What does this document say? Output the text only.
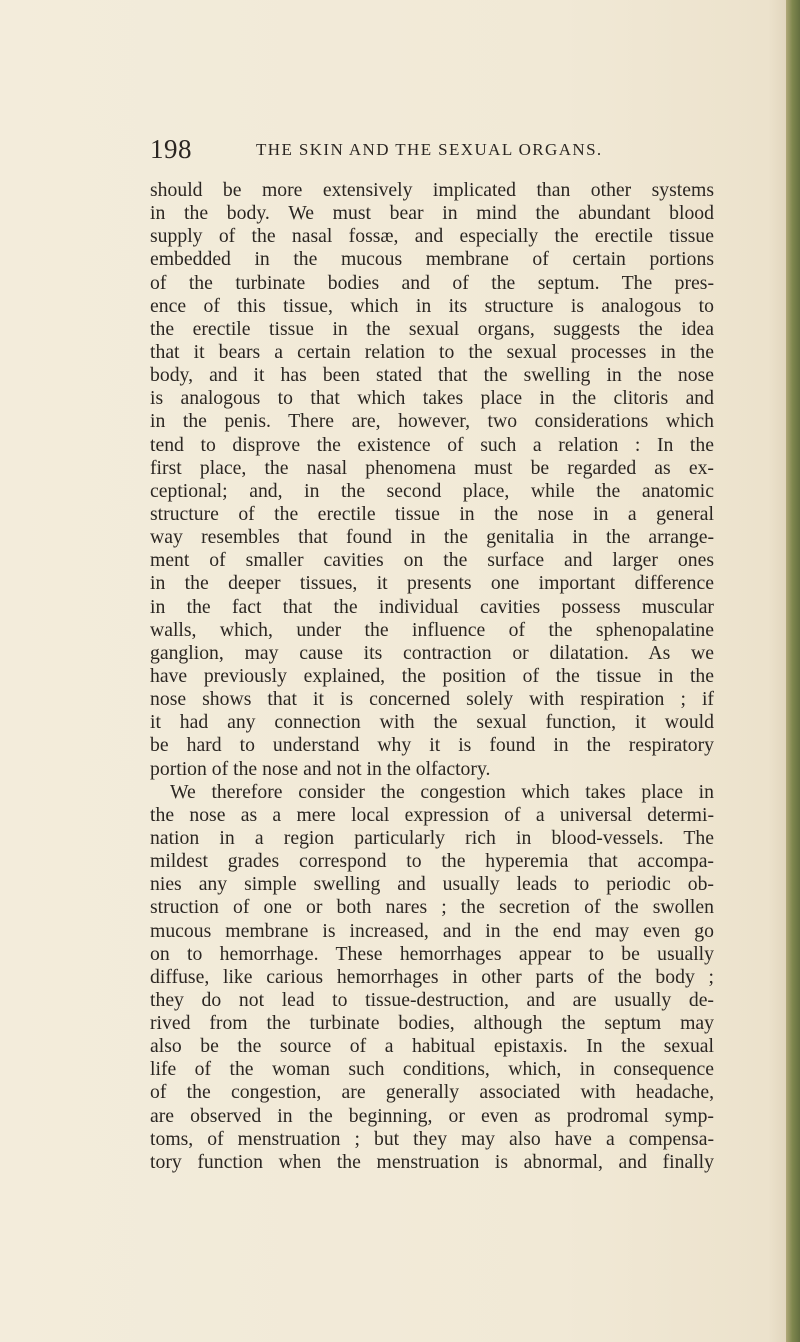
198	THE SKIN AND THE SEXUAL ORGANS.
should be more extensively implicated than other systems
in the body. We must bear in mind the abundant blood
supply of the nasal fossæ, and especially the erectile tissue
embedded in the mucous membrane of certain portions
of the turbinate bodies and of the septum. The pres-
ence of this tissue, which in its structure is analogous to
the erectile tissue in the sexual organs, suggests the idea
that it bears a certain relation to the sexual processes in the
body, and it has been stated that the swelling in the nose
is analogous to that which takes place in the clitoris and
in the penis. There are, however, two considerations which
tend to disprove the existence of such a relation : In the
first place, the nasal phenomena must be regarded as ex-
ceptional; and, in the second place, while the anatomic
structure of the erectile tissue in the nose in a general
way resembles that found in the genitalia in the arrange-
ment of smaller cavities on the surface and larger ones
in the deeper tissues, it presents one important difference
in the fact that the individual cavities possess muscular
walls, which, under the influence of the sphenopalatine
ganglion, may cause its contraction or dilatation. As we
have previously explained, the position of the tissue in the
nose shows that it is concerned solely with respiration ; if
it had any connection with the sexual function, it would
be hard to understand why it is found in the respiratory
portion of the nose and not in the olfactory.
We therefore consider the congestion which takes place in
the nose as a mere local expression of a universal determi-
nation in a region particularly rich in blood-vessels. The
mildest grades correspond to the hyperemia that accompa-
nies any simple swelling and usually leads to periodic ob-
struction of one or both nares ; the secretion of the swollen
mucous membrane is increased, and in the end may even go
on to hemorrhage. These hemorrhages appear to be usually
diffuse, like carious hemorrhages in other parts of the body ;
they do not lead to tissue-destruction, and are usually de-
rived from the turbinate bodies, although the septum may
also be the source of a habitual epistaxis. In the sexual
life of the woman such conditions, which, in consequence
of the congestion, are generally associated with headache,
are observed in the beginning, or even as prodromal symp-
toms, of menstruation ; but they may also have a compensa-
tory function when the menstruation is abnormal, and finally
